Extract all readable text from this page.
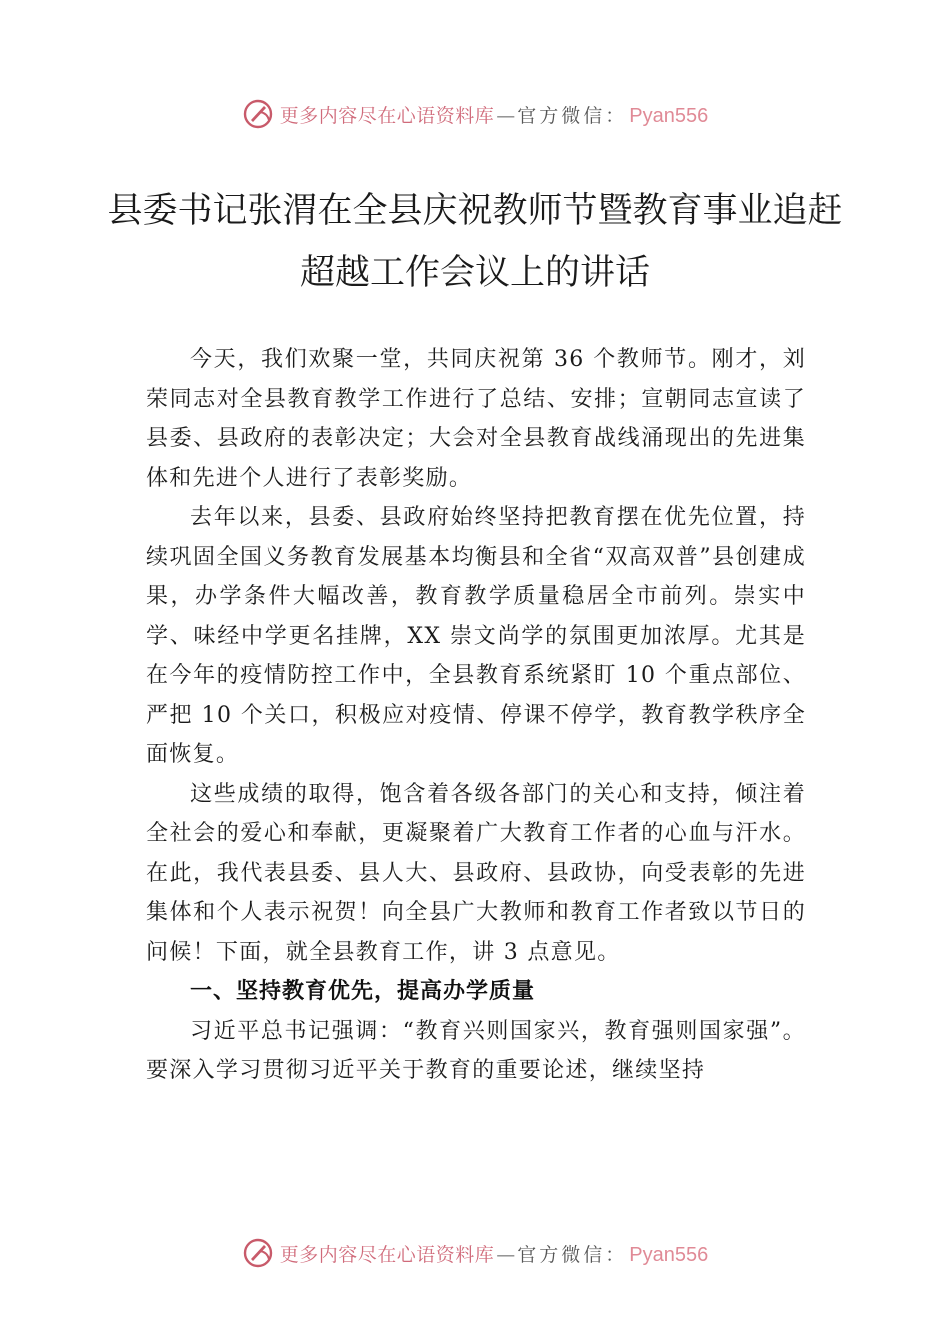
更多内容尽在心语资料库 — 官方微信： Pyan556
县委书记张渭在全县庆祝教师节暨教育事业追赶超越工作会议上的讲话

今天，我们欢聚一堂，共同庆祝第 36 个教师节。刚才，刘荣同志对全县教育教学工作进行了总结、安排；宣朝同志宣读了县委、县政府的表彰决定；大会对全县教育战线涌现出的先进集体和先进个人进行了表彰奖励。

去年以来，县委、县政府始终坚持把教育摆在优先位置，持续巩固全国义务教育发展基本均衡县和全省“双高双普”县创建成果，办学条件大幅改善，教育教学质量稳居全市前列。崇实中学、味经中学更名挂牌，XX 崇文尚学的氛围更加浓厚。尤其是在今年的疫情防控工作中，全县教育系统紧盯 10 个重点部位、严把 10 个关口，积极应对疫情、停课不停学，教育教学秩序全面恢复。

这些成绩的取得，饱含着各级各部门的关心和支持，倾注着全社会的爱心和奉献，更凝聚着广大教育工作者的心血与汗水。在此，我代表县委、县人大、县政府、县政协，向受表彰的先进集体和个人表示祝贺！向全县广大教师和教育工作者致以节日的问候！下面，就全县教育工作，讲 3 点意见。

一、坚持教育优先，提高办学质量

习近平总书记强调：“教育兴则国家兴，教育强则国家强”。要深入学习贯彻习近平关于教育的重要论述，继续坚持

更多内容尽在心语资料库 — 官方微信： Pyan556
